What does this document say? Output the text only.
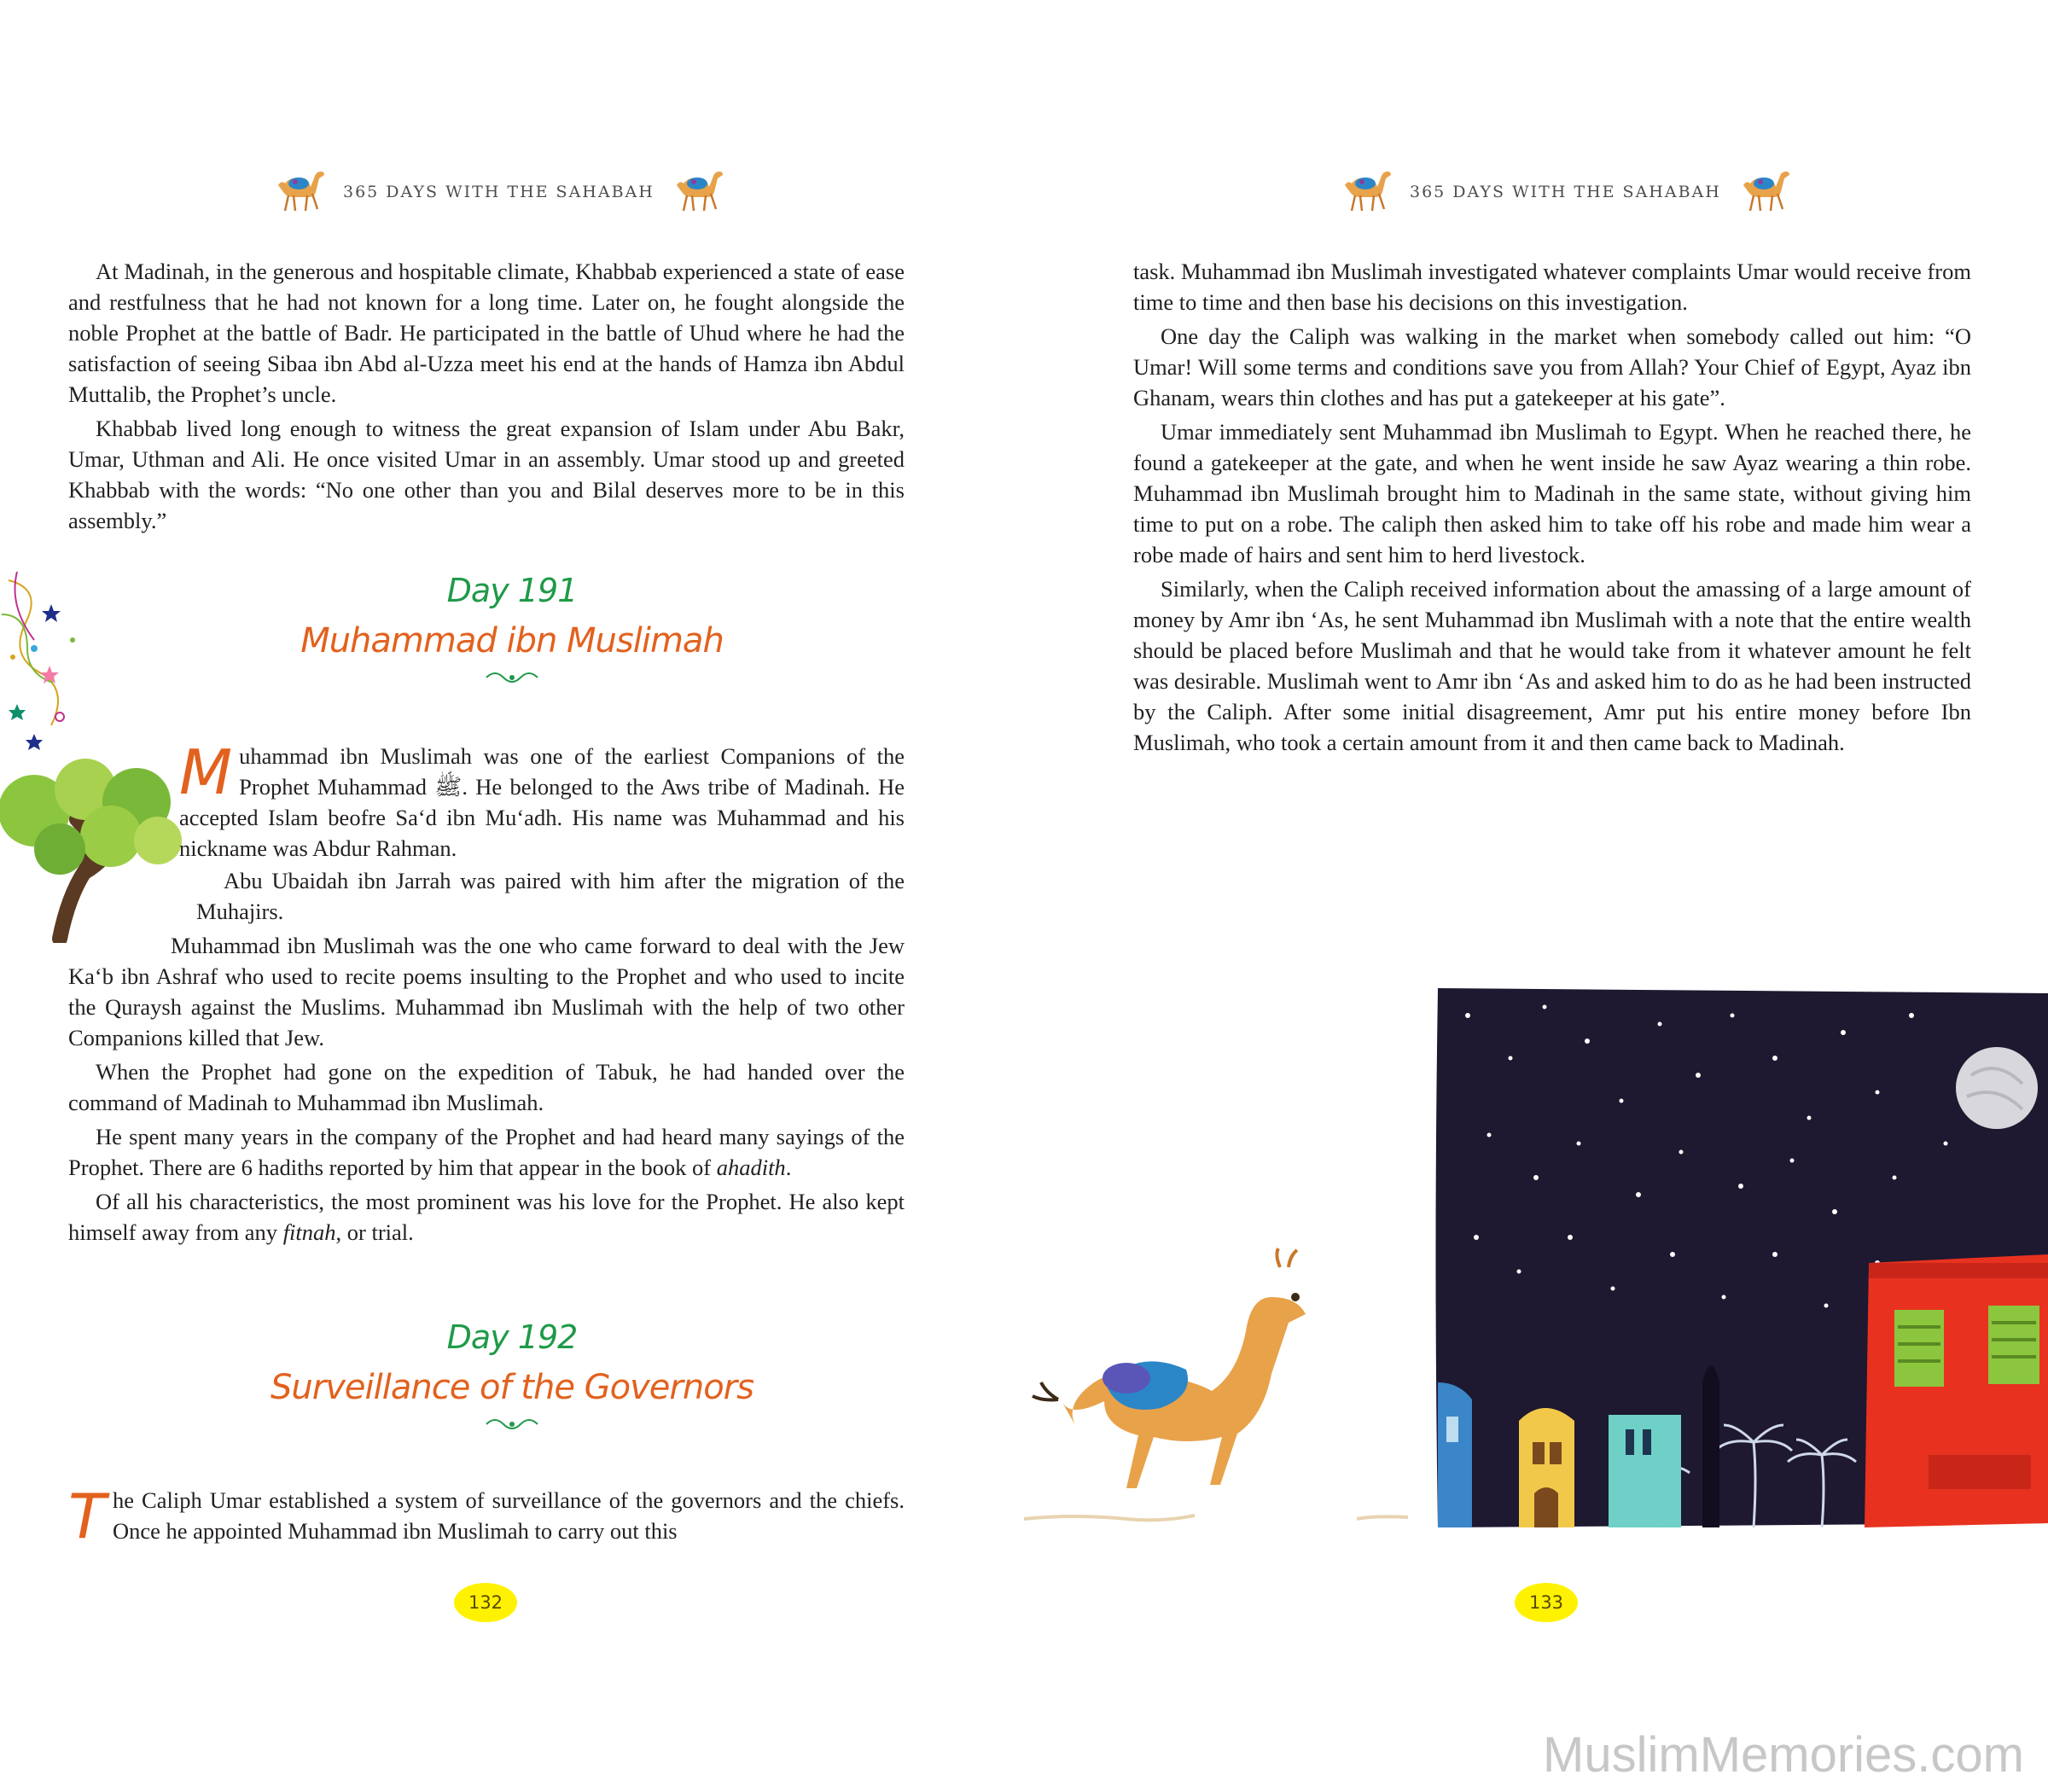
365 DAYS WITH THE SAHABAH

At Madinah, in the generous and hospitable climate, Khabbab experienced a state of ease and restfulness that he had not known for a long time. Later on, he fought alongside the noble Prophet at the battle of Badr. He participated in the battle of Uhud where he had the satisfaction of seeing Sibaa ibn Abd al-Uzza meet his end at the hands of Hamza ibn Abdul Muttalib, the Prophet’s uncle.

Khabbab lived long enough to witness the great expansion of Islam under Abu Bakr, Umar, Uthman and Ali. He once visited Umar in an assembly. Umar stood up and greeted Khabbab with the words: “No one other than you and Bilal deserves more to be in this assembly.”

Day 191
Muhammad ibn Muslimah

Muhammad ibn Muslimah was one of the earliest Companions of the Prophet Muhammad ﷺ. He belonged to the Aws tribe of Madinah. He accepted Islam beofre Sa‘d ibn Mu‘adh. His name was Muhammad and his nickname was Abdur Rahman.

Abu Ubaidah ibn Jarrah was paired with him after the migration of the Muhajirs.

Muhammad ibn Muslimah was the one who came forward to deal with the Jew Ka‘b ibn Ashraf who used to recite poems insulting to the Prophet and who used to incite the Quraysh against the Muslims. Muhammad ibn Muslimah with the help of two other Companions killed that Jew.

When the Prophet had gone on the expedition of Tabuk, he had handed over the command of Madinah to Muhammad ibn Muslimah.

He spent many years in the company of the Prophet and had heard many sayings of the Prophet. There are 6 hadiths reported by him that appear in the book of ahadith.

Of all his characteristics, the most prominent was his love for the Prophet. He also kept himself away from any fitnah, or trial.

Day 192
Surveillance of the Governors

The Caliph Umar established a system of surveillance of the governors and the chiefs. Once he appointed Muhammad ibn Muslimah to carry out this

132
365 DAYS WITH THE SAHABAH

task. Muhammad ibn Muslimah investigated whatever complaints Umar would receive from time to time and then base his decisions on this investigation.

One day the Caliph was walking in the market when somebody called out him: “O Umar! Will some terms and conditions save you from Allah? Your Chief of Egypt, Ayaz ibn Ghanam, wears thin clothes and has put a gatekeeper at his gate”.

Umar immediately sent Muhammad ibn Muslimah to Egypt. When he reached there, he found a gatekeeper at the gate, and when he went inside he saw Ayaz wearing a thin robe. Muhammad ibn Muslimah brought him to Madinah in the same state, without giving him time to put on a robe. The caliph then asked him to take off his robe and made him wear a robe made of hairs and sent him to herd livestock.

Similarly, when the Caliph received information about the amassing of a large amount of money by Amr ibn ‘As, he sent Muhammad ibn Muslimah with a note that the entire wealth should be placed before Muslimah and that he would take from it whatever amount he felt was desirable. Muslimah went to Amr ibn ‘As and asked him to do as he had been instructed by the Caliph. After some initial disagreement, Amr put his entire money before Ibn Muslimah, who took a certain amount from it and then came back to Madinah.

133
MuslimMemories.com
